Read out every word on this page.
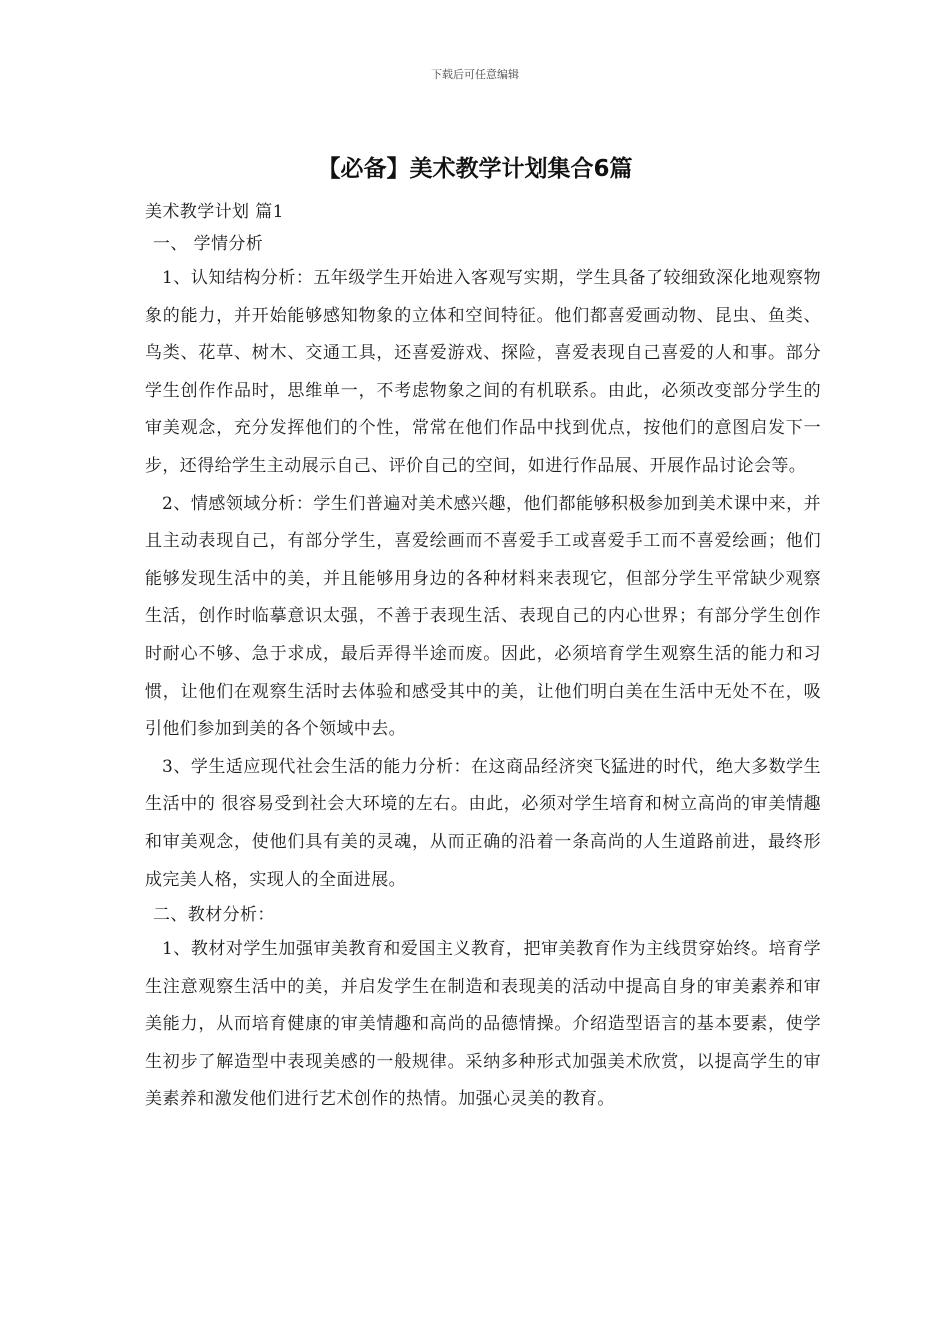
下载后可任意编辑
【必备】美术教学计划集合6篇

美术教学计划 篇1

一、 学情分析

1、认知结构分析：五年级学生开始进入客观写实期，学生具备了较细致深化地观察物象的能力，并开始能够感知物象的立体和空间特征。他们都喜爱画动物、昆虫、鱼类、鸟类、花草、树木、交通工具，还喜爱游戏、探险，喜爱表现自己喜爱的人和事。部分学生创作作品时，思维单一，不考虑物象之间的有机联系。由此，必须改变部分学生的审美观念，充分发挥他们的个性，常常在他们作品中找到优点，按他们的意图启发下一步，还得给学生主动展示自己、评价自己的空间，如进行作品展、开展作品讨论会等。

2、情感领域分析：学生们普遍对美术感兴趣，他们都能够积极参加到美术课中来，并且主动表现自己，有部分学生，喜爱绘画而不喜爱手工或喜爱手工而不喜爱绘画；他们能够发现生活中的美，并且能够用身边的各种材料来表现它，但部分学生平常缺少观察生活，创作时临摹意识太强，不善于表现生活、表现自己的内心世界；有部分学生创作时耐心不够、急于求成，最后弄得半途而废。因此，必须培育学生观察生活的能力和习惯，让他们在观察生活时去体验和感受其中的美，让他们明白美在生活中无处不在，吸引他们参加到美的各个领域中去。

3、学生适应现代社会生活的能力分析：在这商品经济突飞猛进的时代，绝大多数学生生活中的 很容易受到社会大环境的左右。由此，必须对学生培育和树立高尚的审美情趣和审美观念，使他们具有美的灵魂，从而正确的沿着一条高尚的人生道路前进，最终形成完美人格，实现人的全面进展。

二、教材分析：

1、教材对学生加强审美教育和爱国主义教育，把审美教育作为主线贯穿始终。培育学生注意观察生活中的美，并启发学生在制造和表现美的活动中提高自身的审美素养和审美能力，从而培育健康的审美情趣和高尚的品德情操。介绍造型语言的基本要素，使学生初步了解造型中表现美感的一般规律。采纳多种形式加强美术欣赏，以提高学生的审美素养和激发他们进行艺术创作的热情。加强心灵美的教育。
